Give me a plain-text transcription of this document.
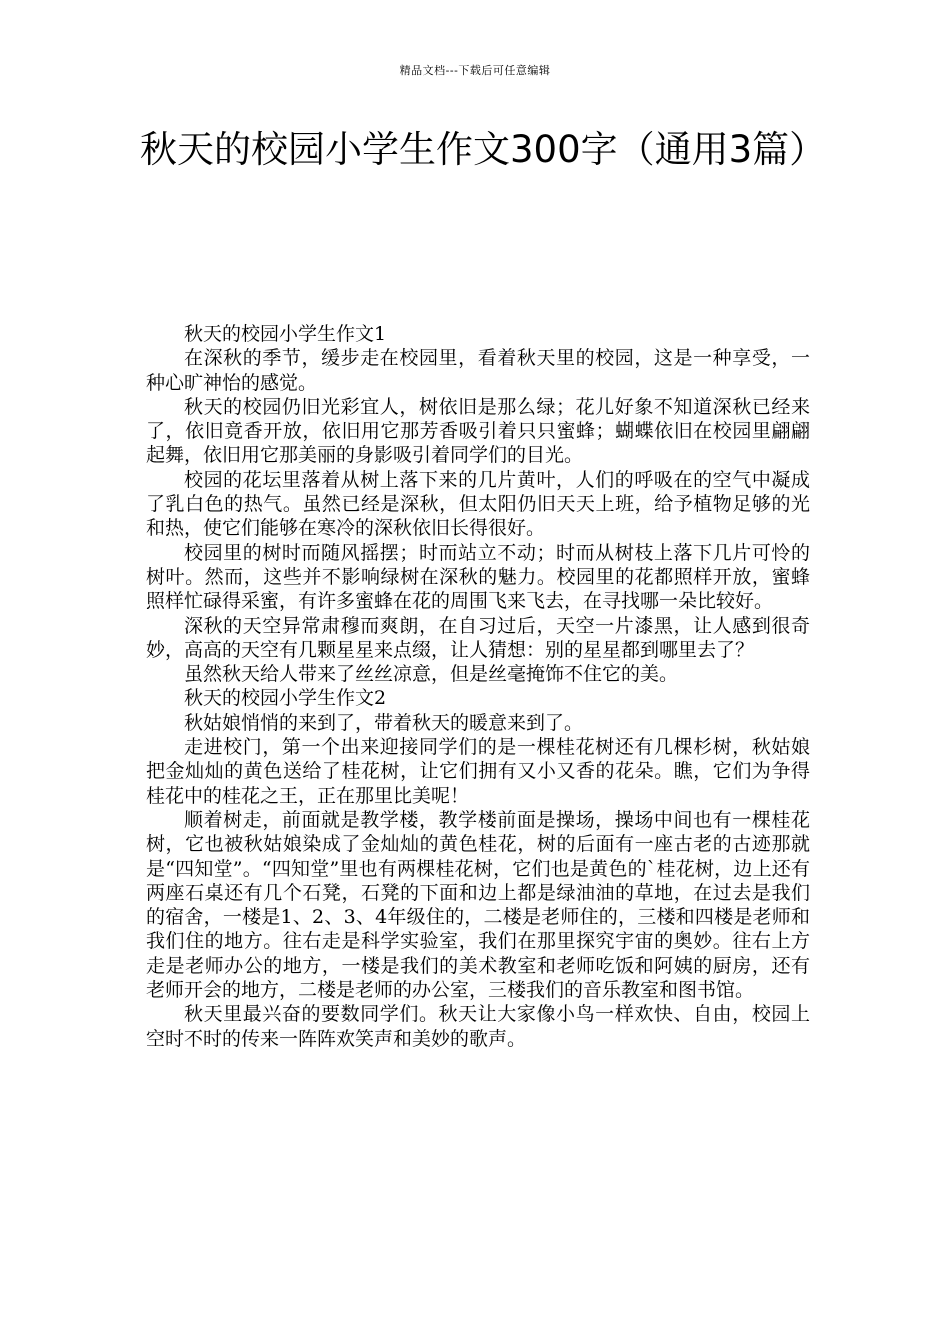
精品文档---下载后可任意编辑
秋天的校园小学生作文300字（通用3篇）

秋天的校园小学生作文1

在深秋的季节，缓步走在校园里，看着秋天里的校园，这是一种享受，一种心旷神怡的感觉。

秋天的校园仍旧光彩宜人，树依旧是那么绿；花儿好象不知道深秋已经来了，依旧竟香开放，依旧用它那芳香吸引着只只蜜蜂；蝴蝶依旧在校园里翩翩起舞，依旧用它那美丽的身影吸引着同学们的目光。

校园的花坛里落着从树上落下来的几片黄叶，人们的呼吸在的空气中凝成了乳白色的热气。虽然已经是深秋，但太阳仍旧天天上班，给予植物足够的光和热，使它们能够在寒冷的深秋依旧长得很好。

校园里的树时而随风摇摆；时而站立不动；时而从树枝上落下几片可怜的树叶。然而，这些并不影响绿树在深秋的魅力。校园里的花都照样开放，蜜蜂照样忙碌得采蜜，有许多蜜蜂在花的周围飞来飞去，在寻找哪一朵比较好。

深秋的天空异常肃穆而爽朗，在自习过后，天空一片漆黑，让人感到很奇妙，高高的天空有几颗星星来点缀，让人猜想：别的星星都到哪里去了？

虽然秋天给人带来了丝丝凉意，但是丝毫掩饰不住它的美。

秋天的校园小学生作文2

秋姑娘悄悄的来到了，带着秋天的暖意来到了。

走进校门，第一个出来迎接同学们的是一棵桂花树还有几棵杉树，秋姑娘把金灿灿的黄色送给了桂花树，让它们拥有又小又香的花朵。瞧，它们为争得桂花中的桂花之王，正在那里比美呢！

顺着树走，前面就是教学楼，教学楼前面是操场，操场中间也有一棵桂花树，它也被秋姑娘染成了金灿灿的黄色桂花，树的后面有一座古老的古迹那就是“四知堂”。“四知堂”里也有两棵桂花树，它们也是黄色的`桂花树，边上还有两座石桌还有几个石凳，石凳的下面和边上都是绿油油的草地，在过去是我们的宿舍，一楼是1、2、3、4年级住的，二楼是老师住的，三楼和四楼是老师和我们住的地方。往右走是科学实验室，我们在那里探究宇宙的奥妙。往右上方走是老师办公的地方，一楼是我们的美术教室和老师吃饭和阿姨的厨房，还有老师开会的地方，二楼是老师的办公室，三楼我们的音乐教室和图书馆。

秋天里最兴奋的要数同学们。秋天让大家像小鸟一样欢快、自由，校园上空时不时的传来一阵阵欢笑声和美妙的歌声。
